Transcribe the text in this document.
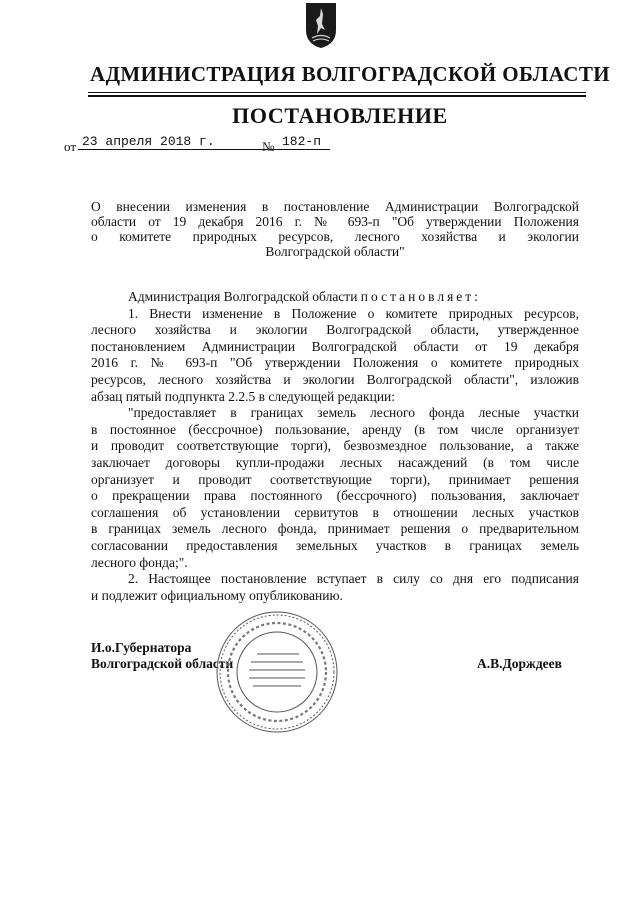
АДМИНИСТРАЦИЯ ВОЛГОГРАДСКОЙ ОБЛАСТИ
ПОСТАНОВЛЕНИЕ
от 23 апреля 2018 г.	№ 182-п
О внесении изменения в постановление Администрации Волгоградской
области от 19 декабря 2016 г. № 693-п "Об утверждении Положения
о комитете природных ресурсов, лесного хозяйства и экологии
Волгоградской области"
Администрация Волгоградской области постановляет:
1. Внести изменение в Положение о комитете природных ресурсов,
лесного хозяйства и экологии Волгоградской области, утвержденное
постановлением Администрации Волгоградской области от 19 декабря
2016 г. № 693-п "Об утверждении Положения о комитете природных
ресурсов, лесного хозяйства и экологии Волгоградской области", изложив
абзац пятый подпункта 2.2.5 в следующей редакции:
"предоставляет в границах земель лесного фонда лесные участки
в постоянное (бессрочное) пользование, аренду (в том числе организует
и проводит соответствующие торги), безвозмездное пользование, а также
заключает договоры купли-продажи лесных насаждений (в том числе
организует и проводит соответствующие торги), принимает решения
о прекращении права постоянного (бессрочного) пользования, заключает
соглашения об установлении сервитутов в отношении лесных участков
в границах земель лесного фонда, принимает решения о предварительном
согласовании предоставления земельных участков в границах земель
лесного фонда;".
2. Настоящее постановление вступает в силу со дня его подписания
и подлежит официальному опубликованию.
И.о.Губернатора
Волгоградской области	А.В.Дорждеев
